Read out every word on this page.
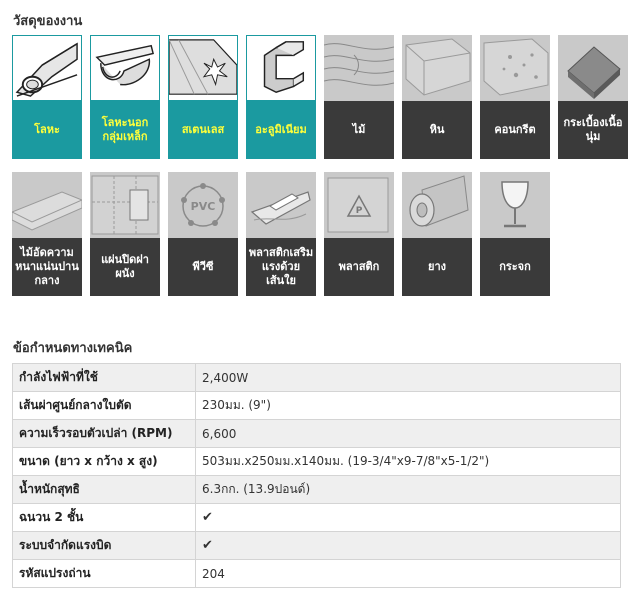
วัสดุของงาน
โลหะ
โลหะนอกกลุ่มเหล็ก
สเตนเลส	อะลูมิเนียม	ไม้	หิน	คอนกรีต
กระเบื้องเนื้อนุ่ม
ไม้อัดความหนาแน่นปานกลาง
แผ่นปิดฝาผนัง
PVC
พีวีซี
พลาสติกเสริมแรงด้วยเส้นใย
P
พลาสติก	ยาง	กระจก
ข้อกำหนดทางเทคนิค
กำลังไฟฟ้าที่ใช้	2,400W
เส้นผ่าศูนย์กลางใบตัด	230มม. (9")
ความเร็วรอบตัวเปล่า (RPM)	6,600
ขนาด (ยาว x กว้าง x สูง)	503มม.x250มม.x140มม. (19-3/4"x9-7/8"x5-1/2")
น้ำหนักสุทธิ	6.3กก. (13.9ปอนด์)
ฉนวน 2 ชั้น	✔
ระบบจำกัดแรงบิด	✔
รหัสแปรงถ่าน	204
